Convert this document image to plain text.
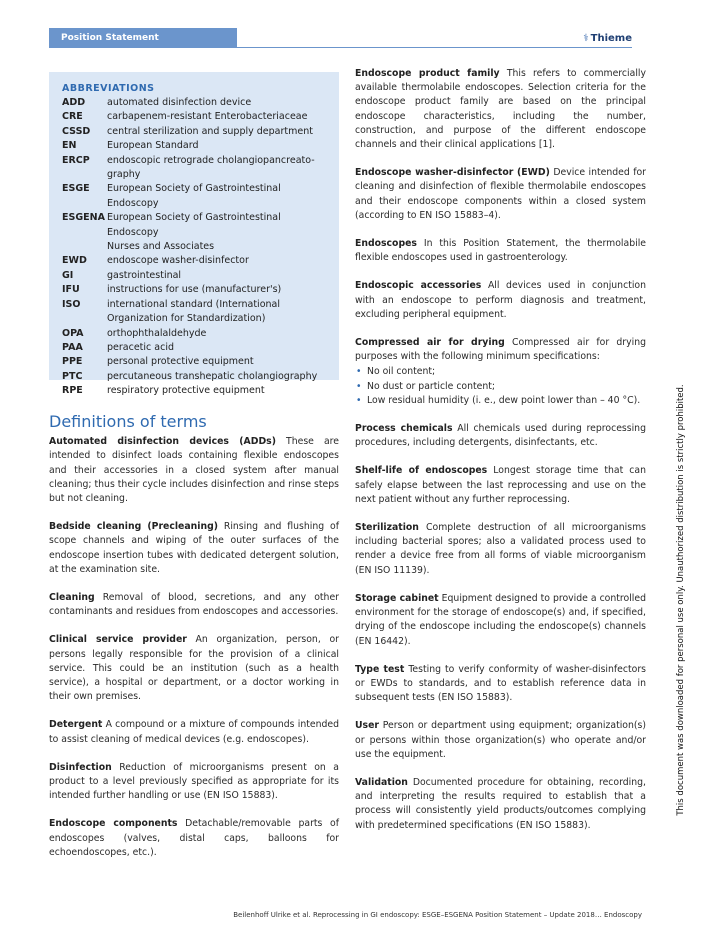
Position Statement	⚕ Thieme
ABBREVIATIONS
ADD	automated disinfection device
CRE	carbapenem-resistant Enterobacteriaceae
CSSD	central sterilization and supply department
EN	European Standard
ERCP	endoscopic retrograde cholangiopancreato-
graphy
ESGE	European Society of Gastrointestinal Endoscopy
ESGENA European Society of Gastrointestinal Endoscopy
Nurses and Associates
EWD	endoscope washer-disinfector
GI	gastrointestinal
IFU	instructions for use (manufacturer's)
ISO	international standard (International
Organization for Standardization)
OPA	orthophthalaldehyde
PAA	peracetic acid
PPE	personal protective equipment
PTC	percutaneous transhepatic cholangiography
RPE	respiratory protective equipment
Definitions of terms

Automated disinfection devices (ADDs) These are intended to disinfect loads containing flexible endoscopes and their accessories in a closed system after manual cleaning; thus their cycle includes disinfection and rinse steps but not cleaning.

Bedside cleaning (Precleaning) Rinsing and flushing of scope channels and wiping of the outer surfaces of the endoscope insertion tubes with dedicated detergent solution, at the examination site.

Cleaning Removal of blood, secretions, and any other contaminants and residues from endoscopes and accessories.

Clinical service provider An organization, person, or persons legally responsible for the provision of a clinical service. This could be an institution (such as a health service), a hospital or department, or a doctor working in their own premises.

Detergent A compound or a mixture of compounds intended to assist cleaning of medical devices (e.g. endoscopes).

Disinfection Reduction of microorganisms present on a product to a level previously specified as appropriate for its intended further handling or use (EN ISO 15883).

Endoscope components Detachable/removable parts of endoscopes (valves, distal caps, balloons for echoendoscopes, etc.).

Endoscope product family This refers to commercially available thermolabile endoscopes. Selection criteria for the endoscope product family are based on the principal endoscope characteristics, including the number, construction, and purpose of the different endoscope channels and their clinical applications [1].

Endoscope washer-disinfector (EWD) Device intended for cleaning and disinfection of flexible thermolabile endoscopes and their endoscope components within a closed system (according to EN ISO 15883–4).

Endoscopes In this Position Statement, the thermolabile flexible endoscopes used in gastroenterology.

Endoscopic accessories All devices used in conjunction with an endoscope to perform diagnosis and treatment, excluding peripheral equipment.

Compressed air for drying Compressed air for drying purposes with the following minimum specifications:

• No oil content;
• No dust or particle content;
• Low residual humidity (i. e., dew point lower than – 40 °C).

Process chemicals All chemicals used during reprocessing procedures, including detergents, disinfectants, etc.

Shelf-life of endoscopes Longest storage time that can safely elapse between the last reprocessing and use on the next patient without any further reprocessing.

Sterilization Complete destruction of all microorganisms including bacterial spores; also a validated process used to render a device free from all forms of viable microorganism (EN ISO 11139).

Storage cabinet Equipment designed to provide a controlled environment for the storage of endoscope(s) and, if specified, drying of the endoscope including the endoscope(s) channels (EN 16442).

Type test Testing to verify conformity of washer-disinfectors or EWDs to standards, and to establish reference data in subsequent tests (EN ISO 15883).

User Person or department using equipment; organization(s) or persons within those organization(s) who operate and/or use the equipment.

Validation Documented procedure for obtaining, recording, and interpreting the results required to establish that a process will consistently yield products/outcomes complying with predetermined specifications (EN ISO 15883).

This document was downloaded for personal use only. Unauthorized distribution is strictly prohibited.
Beilenhoff Ulrike et al. Reprocessing in GI endoscopy: ESGE–ESGENA Position Statement – Update 2018… Endoscopy
